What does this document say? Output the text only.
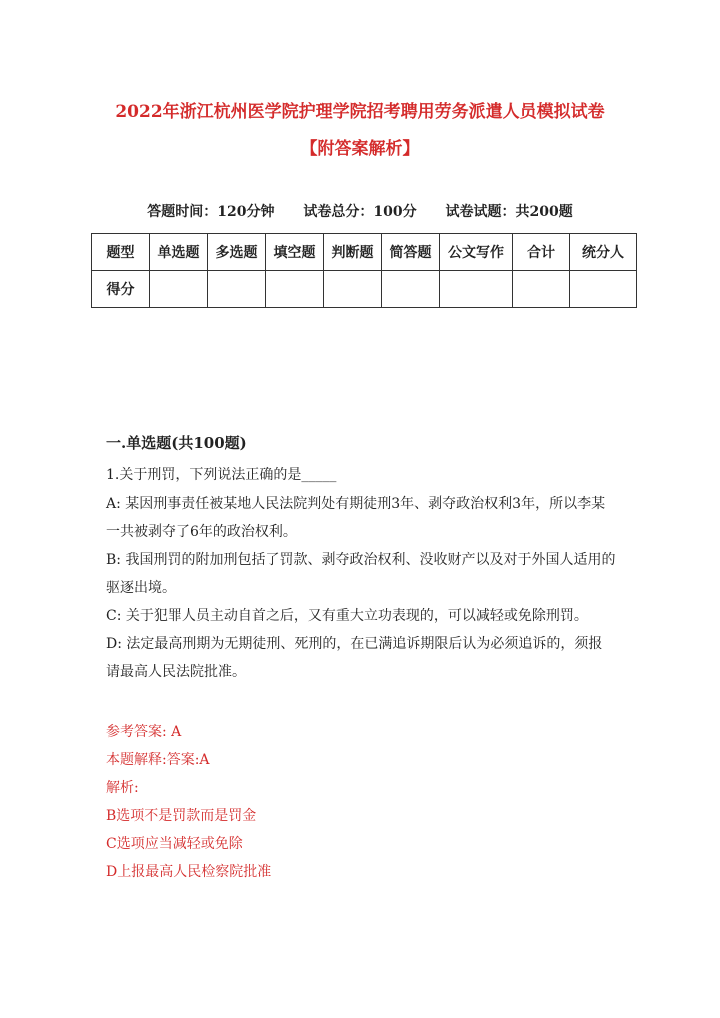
2022年浙江杭州医学院护理学院招考聘用劳务派遣人员模拟试卷
【附答案解析】
答题时间：120分钟 试卷总分：100分 试卷试题：共200题
题型	单选题	多选题	填空题	判断题	简答题	公文写作	合计	统分人
得分								
一.单选题(共100题)
1.关于刑罚，下列说法正确的是_____
A: 某因刑事责任被某地人民法院判处有期徒刑3年、剥夺政治权利3年，所以李某一共被剥夺了6年的政治权利。
B: 我国刑罚的附加刑包括了罚款、剥夺政治权利、没收财产以及对于外国人适用的驱逐出境。
C: 关于犯罪人员主动自首之后，又有重大立功表现的，可以减轻或免除刑罚。
D: 法定最高刑期为无期徒刑、死刑的，在已满追诉期限后认为必须追诉的，须报请最高人民法院批准。
参考答案: A
本题解释:答案:A
解析:
B选项不是罚款而是罚金
C选项应当减轻或免除
D上报最高人民检察院批准
